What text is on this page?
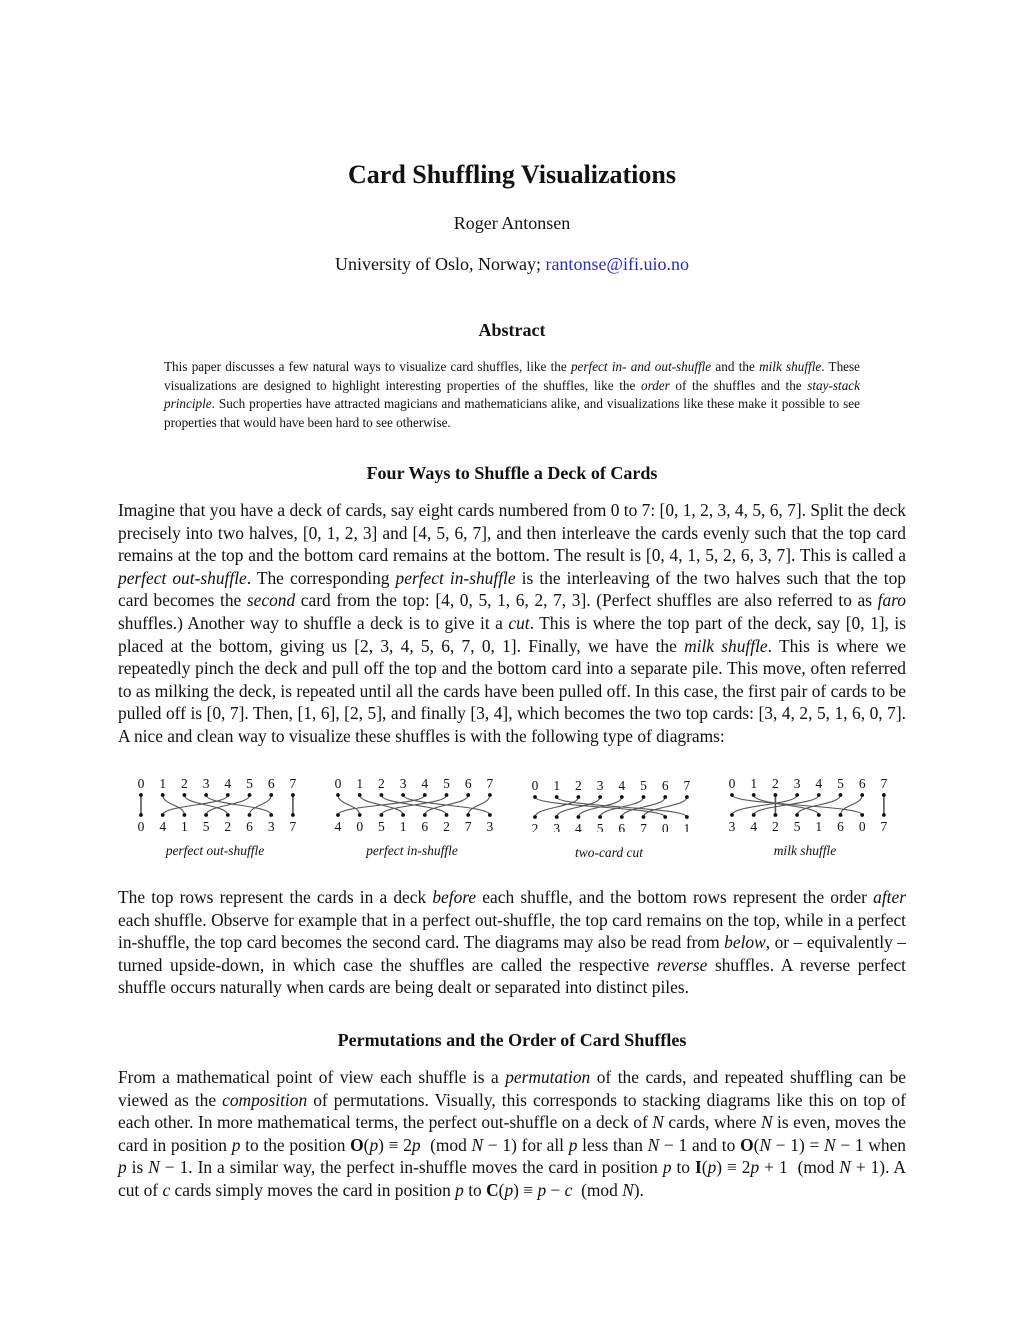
Card Shuffling Visualizations
Roger Antonsen
University of Oslo, Norway; rantonse@ifi.uio.no
Abstract
This paper discusses a few natural ways to visualize card shuffles, like the perfect in- and out-shuffle and the milk shuffle. These visualizations are designed to highlight interesting properties of the shuffles, like the order of the shuffles and the stay-stack principle. Such properties have attracted magicians and mathematicians alike, and visualizations like these make it possible to see properties that would have been hard to see otherwise.
Four Ways to Shuffle a Deck of Cards
Imagine that you have a deck of cards, say eight cards numbered from 0 to 7: [0, 1, 2, 3, 4, 5, 6, 7]. Split the deck precisely into two halves, [0, 1, 2, 3] and [4, 5, 6, 7], and then interleave the cards evenly such that the top card remains at the top and the bottom card remains at the bottom. The result is [0, 4, 1, 5, 2, 6, 3, 7]. This is called a perfect out-shuffle. The corresponding perfect in-shuffle is the interleaving of the two halves such that the top card becomes the second card from the top: [4, 0, 5, 1, 6, 2, 7, 3]. (Perfect shuffles are also referred to as faro shuffles.) Another way to shuffle a deck is to give it a cut. This is where the top part of the deck, say [0, 1], is placed at the bottom, giving us [2, 3, 4, 5, 6, 7, 0, 1]. Finally, we have the milk shuffle. This is where we repeatedly pinch the deck and pull off the top and the bottom card into a separate pile. This move, often referred to as milking the deck, is repeated until all the cards have been pulled off. In this case, the first pair of cards to be pulled off is [0, 7]. Then, [1, 6], [2, 5], and finally [3, 4], which becomes the two top cards: [3, 4, 2, 5, 1, 6, 0, 7]. A nice and clean way to visualize these shuffles is with the following type of diagrams:
0 1 2 3 4 5 6 7
0 4 1 5 2 6 3 7
0 1 2 3 4 5 6 7
4 0 5 1 6 2 7 3
0 1 2 3 4 5 6 7
2 3 4 5 6 7 0 1
0 1 2 3 4 5 6 7
3 4 2 5 1 6 0 7
perfect out-shuffle	perfect in-shuffle	two-card cut	milk shuffle
The top rows represent the cards in a deck before each shuffle, and the bottom rows represent the order after each shuffle. Observe for example that in a perfect out-shuffle, the top card remains on the top, while in a perfect in-shuffle, the top card becomes the second card. The diagrams may also be read from below, or – equivalently – turned upside-down, in which case the shuffles are called the respective reverse shuffles. A reverse perfect shuffle occurs naturally when cards are being dealt or separated into distinct piles.
Permutations and the Order of Card Shuffles
From a mathematical point of view each shuffle is a permutation of the cards, and repeated shuffling can be viewed as the composition of permutations. Visually, this corresponds to stacking diagrams like this on top of each other. In more mathematical terms, the perfect out-shuffle on a deck of N cards, where N is even, moves the card in position p to the position O(p) ≡ 2p  (mod N − 1) for all p less than N − 1 and to O(N − 1) = N − 1 when p is N − 1. In a similar way, the perfect in-shuffle moves the card in position p to I(p) ≡ 2p + 1  (mod N + 1). A cut of c cards simply moves the card in position p to C(p) ≡ p − c  (mod N).
